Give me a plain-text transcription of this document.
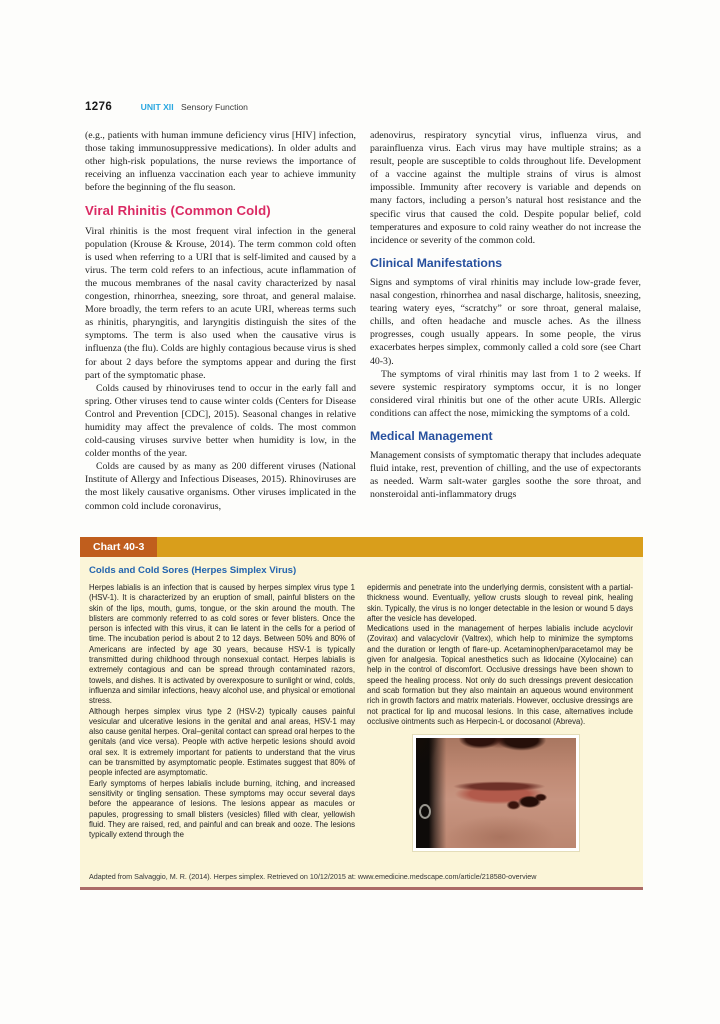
1276	UNIT XII Sensory Function

(e.g., patients with human immune deficiency virus [HIV] infection, those taking immunosuppressive medications). In older adults and other high-risk populations, the nurse reviews the importance of receiving an influenza vaccination each year to achieve immunity before the beginning of the flu season.

Viral Rhinitis (Common Cold)

Viral rhinitis is the most frequent viral infection in the general population (Krouse & Krouse, 2014). The term common cold often is used when referring to a URI that is self-limited and caused by a virus. The term cold refers to an infectious, acute inflammation of the mucous membranes of the nasal cavity characterized by nasal congestion, rhinorrhea, sneezing, sore throat, and general malaise. More broadly, the term refers to an acute URI, whereas terms such as rhinitis, pharyngitis, and laryngitis distinguish the sites of the symptoms. The term is also used when the causative virus is influenza (the flu). Colds are highly contagious because virus is shed for about 2 days before the symptoms appear and during the first part of the symptomatic phase.

Colds caused by rhinoviruses tend to occur in the early fall and spring. Other viruses tend to cause winter colds (Centers for Disease Control and Prevention [CDC], 2015). Seasonal changes in relative humidity may affect the prevalence of colds. The most common cold-causing viruses survive better when humidity is low, in the colder months of the year.

Colds are caused by as many as 200 different viruses (National Institute of Allergy and Infectious Diseases, 2015). Rhinoviruses are the most likely causative organisms. Other viruses implicated in the common cold include coronavirus,

adenovirus, respiratory syncytial virus, influenza virus, and parainfluenza virus. Each virus may have multiple strains; as a result, people are susceptible to colds throughout life. Development of a vaccine against the multiple strains of virus is almost impossible. Immunity after recovery is variable and depends on many factors, including a person’s natural host resistance and the specific virus that caused the cold. Despite popular belief, cold temperatures and exposure to cold rainy weather do not increase the incidence or severity of the common cold.

Clinical Manifestations

Signs and symptoms of viral rhinitis may include low-grade fever, nasal congestion, rhinorrhea and nasal discharge, halitosis, sneezing, tearing watery eyes, “scratchy” or sore throat, general malaise, chills, and often headache and muscle aches. As the illness progresses, cough usually appears. In some people, the virus exacerbates herpes simplex, commonly called a cold sore (see Chart 40-3).

The symptoms of viral rhinitis may last from 1 to 2 weeks. If severe systemic respiratory symptoms occur, it is no longer considered viral rhinitis but one of the other acute URIs. Allergic conditions can affect the nose, mimicking the symptoms of a cold.

Medical Management

Management consists of symptomatic therapy that includes adequate fluid intake, rest, prevention of chilling, and the use of expectorants as needed. Warm salt-water gargles soothe the sore throat, and nonsteroidal anti-inflammatory drugs

Chart 40-3
Colds and Cold Sores (Herpes Simplex Virus)

Herpes labialis is an infection that is caused by herpes simplex virus type 1 (HSV-1). It is characterized by an eruption of small, painful blisters on the skin of the lips, mouth, gums, tongue, or the skin around the mouth. The blisters are commonly referred to as cold sores or fever blisters. Once the person is infected with this virus, it can lie latent in the cells for a period of time. The incubation period is about 2 to 12 days. Between 50% and 80% of Americans are infected by age 30 years, because HSV-1 is typically transmitted during childhood through nonsexual contact. Herpes labialis is extremely contagious and can be spread through contaminated razors, towels, and dishes. It is activated by overexposure to sunlight or wind, colds, influenza and similar infections, heavy alcohol use, and physical or emotional stress.

Although herpes simplex virus type 2 (HSV-2) typically causes painful vesicular and ulcerative lesions in the genital and anal areas, HSV-1 may also cause genital herpes. Oral–genital contact can spread oral herpes to the genitals (and vice versa). People with active herpetic lesions should avoid oral sex. It is extremely important for patients to understand that the virus can be transmitted by asymptomatic people. Estimates suggest that 80% of people infected are asymptomatic.

Early symptoms of herpes labialis include burning, itching, and increased sensitivity or tingling sensation. These symptoms may occur several days before the appearance of lesions. The lesions appear as macules or papules, progressing to small blisters (vesicles) filled with clear, yellowish fluid. They are raised, red, and painful and can break and ooze. The lesions typically extend through the

epidermis and penetrate into the underlying dermis, consistent with a partial-thickness wound. Eventually, yellow crusts slough to reveal pink, healing skin. Typically, the virus is no longer detectable in the lesion or wound 5 days after the vesicle has developed.

Medications used in the management of herpes labialis include acyclovir (Zovirax) and valacyclovir (Valtrex), which help to minimize the symptoms and the duration or length of flare-up. Acetaminophen/paracetamol may be given for analgesia. Topical anesthetics such as lidocaine (Xylocaine) can help in the control of discomfort. Occlusive dressings have been shown to speed the healing process. Not only do such dressings prevent desiccation and scab formation but they also maintain an aqueous wound environment rich in growth factors and matrix materials. However, occlusive dressings are not practical for lip and mucosal lesions. In this case, alternatives include occlusive ointments such as Herpecin-L or docosanol (Abreva).

Adapted from Salvaggio, M. R. (2014). Herpes simplex. Retrieved on 10/12/2015 at: www.emedicine.medscape.com/article/218580-overview
